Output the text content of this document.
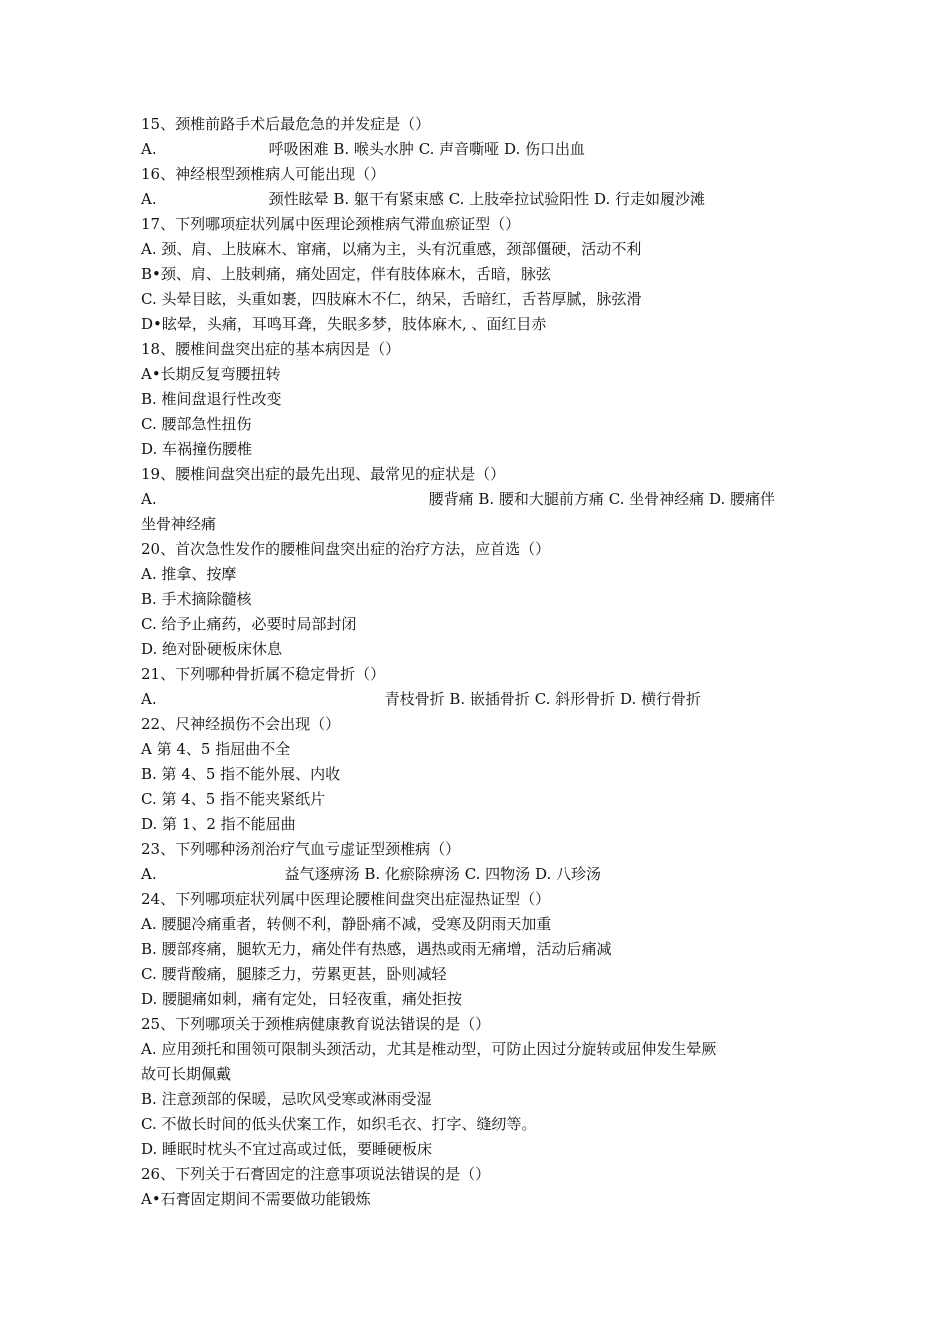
15、颈椎前路手术后最危急的并发症是（）
A.	呼吸困难 B. 喉头水肿 C. 声音嘶哑 D. 伤口出血
16、神经根型颈椎病人可能出现（）
A.	颈性眩晕 B. 躯干有紧束感 C. 上肢牵拉试验阳性 D. 行走如履沙滩
17、下列哪项症状列属中医理论颈椎病气滞血瘀证型（）
A. 颈、肩、上肢麻木、窜痛，以痛为主，头有沉重感，颈部僵硬，活动不利
B•颈、肩、上肢刺痛，痛处固定，伴有肢体麻木，舌暗，脉弦
C. 头晕目眩，头重如裹，四肢麻木不仁，纳呆，舌暗红，舌苔厚腻，脉弦滑
D•眩晕，头痛，耳鸣耳聋，失眠多梦，肢体麻木, 、面红目赤
18、腰椎间盘突出症的基本病因是（）
A•长期反复弯腰扭转
B. 椎间盘退行性改变
C. 腰部急性扭伤
D. 车祸撞伤腰椎
19、腰椎间盘突出症的最先出现、最常见的症状是（）
A.	腰背痛 B. 腰和大腿前方痛 C. 坐骨神经痛 D. 腰痛伴
坐骨神经痛
20、首次急性发作的腰椎间盘突出症的治疗方法，应首选（）
A. 推拿、按摩
B. 手术摘除髓核
C. 给予止痛药，必要时局部封闭
D. 绝对卧硬板床休息
21、下列哪种骨折属不稳定骨折（）
A.	青枝骨折 B. 嵌插骨折 C. 斜形骨折 D. 横行骨折
22、尺神经损伤不会出现（）
A 第 4、5 指屈曲不全
B. 第 4、5 指不能外展、内收
C. 第 4、5 指不能夹紧纸片
D. 第 1、2 指不能屈曲
23、下列哪种汤剂治疗气血亏虚证型颈椎病（）
A.	益气逐痹汤 B. 化瘀除痹汤 C. 四物汤 D. 八珍汤
24、下列哪项症状列属中医理论腰椎间盘突出症湿热证型（）
A. 腰腿冷痛重者，转侧不利，静卧痛不减，受寒及阴雨天加重
B. 腰部疼痛，腿软无力，痛处伴有热感，遇热或雨无痛增，活动后痛减
C. 腰背酸痛，腿膝乏力，劳累更甚，卧则减轻
D. 腰腿痛如刺，痛有定处，日轻夜重，痛处拒按
25、下列哪项关于颈椎病健康教育说法错误的是（）
A. 应用颈托和围领可限制头颈活动，尤其是椎动型，可防止因过分旋转或屈伸发生晕厥
故可长期佩戴
B. 注意颈部的保暖，忌吹风受寒或淋雨受湿
C. 不做长时间的低头伏案工作，如织毛衣、打字、缝纫等。
D. 睡眠时枕头不宜过高或过低，要睡硬板床
26、下列关于石膏固定的注意事项说法错误的是（）
A•石膏固定期间不需要做功能锻炼
